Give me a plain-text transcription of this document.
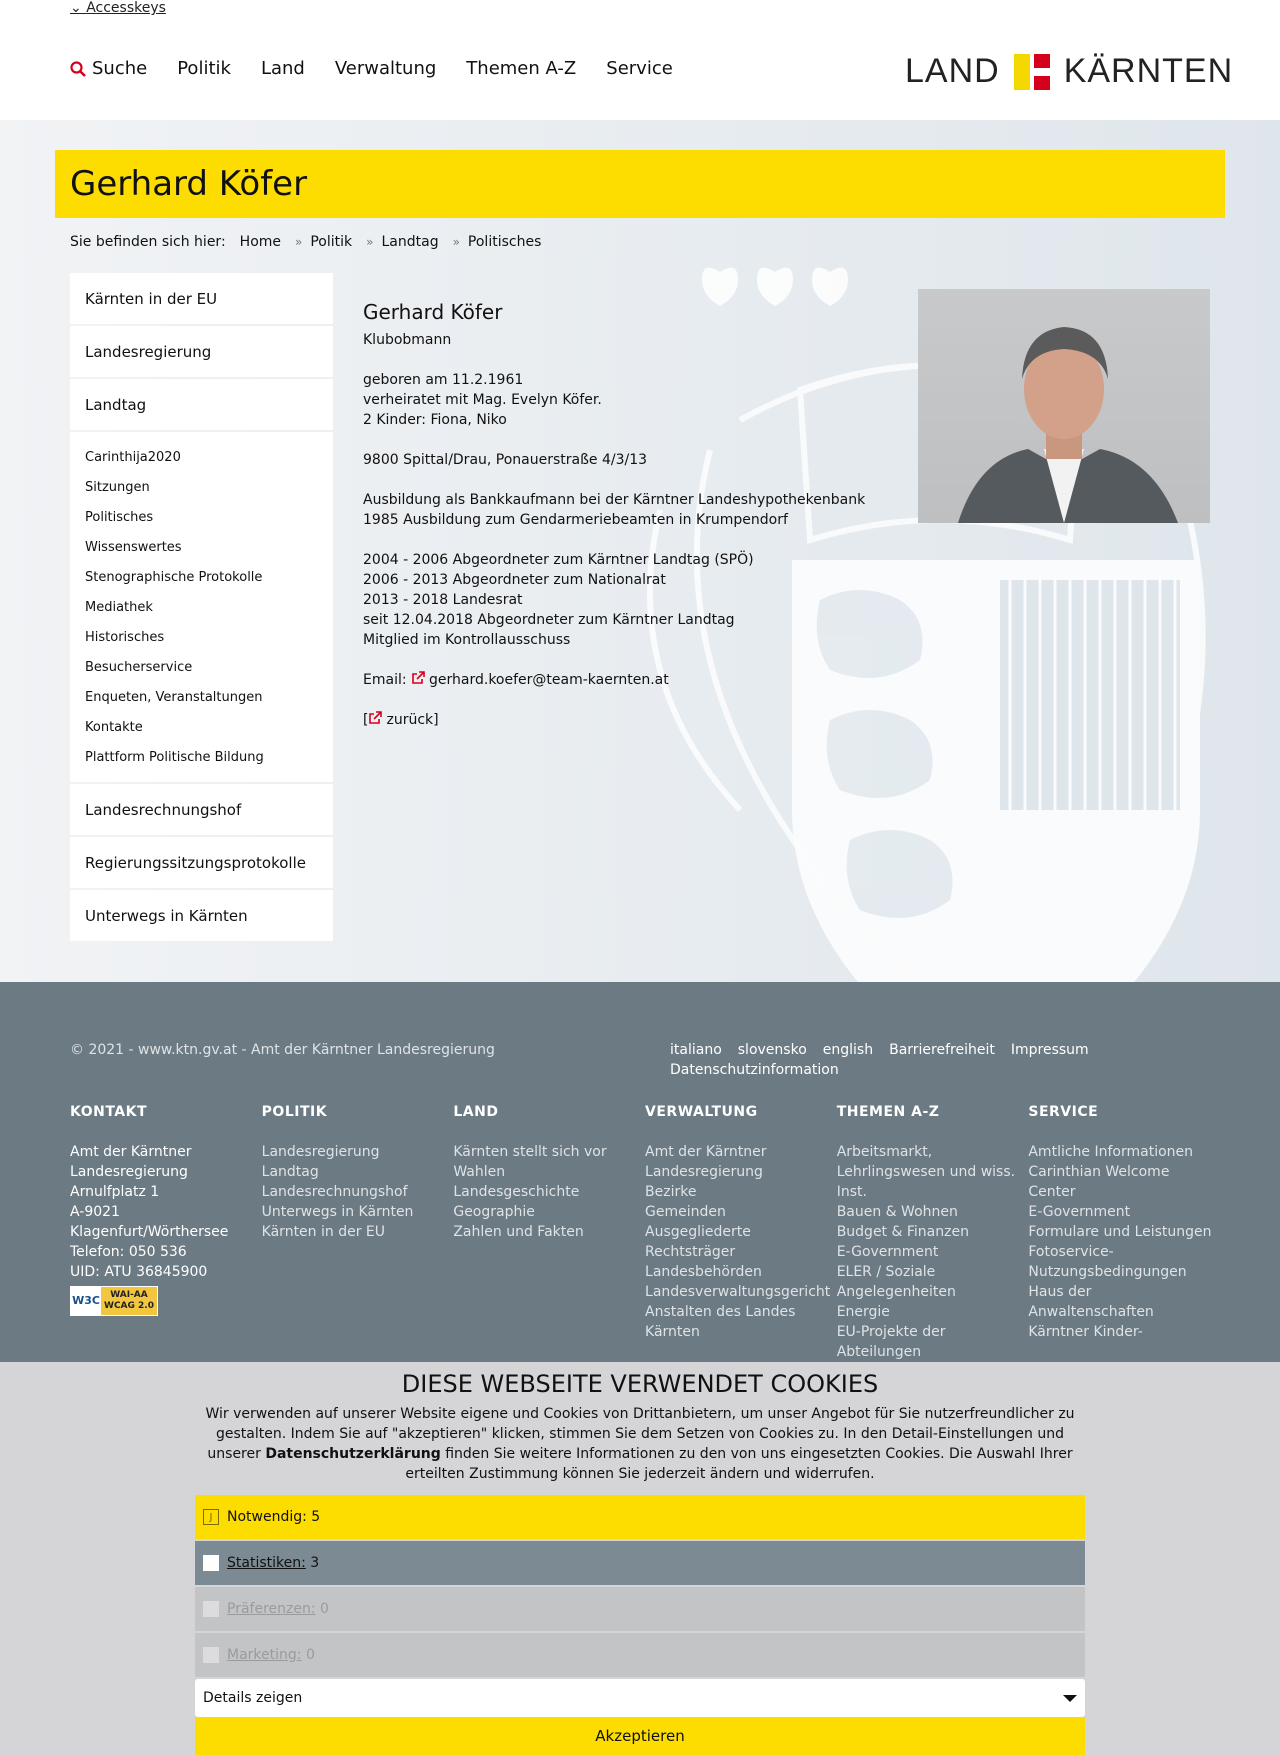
⌄ Accesskeys
Suche Politik Land Verwaltung Themen A-Z Service	LAND KÄRNTEN
Gerhard Köfer
Sie befinden sich hier: Home » Politik » Landtag » Politisches
Kärnten in der EU
Landesregierung
Landtag
Carinthija2020
Sitzungen
Politisches
Wissenswertes
Stenographische Protokolle
Mediathek
Historisches
Besucherservice
Enqueten, Veranstaltungen
Kontakte
Plattform Politische Bildung
Landesrechnungshof
Regierungssitzungsprotokolle
Unterwegs in Kärnten
Gerhard Köfer

Klubobmann

geboren am 11.2.1961
verheiratet mit Mag. Evelyn Köfer.
2 Kinder: Fiona, Niko

9800 Spittal/Drau, Ponauerstraße 4/3/13

Ausbildung als Bankkaufmann bei der Kärntner Landeshypothekenbank
1985 Ausbildung zum Gendarmeriebeamten in Krumpendorf

2004 - 2006 Abgeordneter zum Kärntner Landtag (SPÖ)
2006 - 2013 Abgeordneter zum Nationalrat
2013 - 2018 Landesrat
seit 12.04.2018 Abgeordneter zum Kärntner Landtag
Mitglied im Kontrollausschuss

Email: gerhard.koefer@team-kaernten.at

[ zurück]

© 2021 - www.ktn.gv.at - Amt der Kärntner Landesregierung	italiano slovensko english Barrierefreiheit Impressum
Datenschutzinformation
KONTAKT
Amt der Kärntner Landesregierung
Arnulfplatz 1
A-9021 Klagenfurt/Wörthersee
Telefon: 050 536
UID: ATU 36845900
W3C WAI-AA
WCAG 2.0
POLITIK
Landesregierung
Landtag
Landesrechnungshof
Unterwegs in Kärnten
Kärnten in der EU
LAND
Kärnten stellt sich vor
Wahlen
Landesgeschichte
Geographie
Zahlen und Fakten
VERWALTUNG
Amt der Kärntner Landesregierung
Bezirke
Gemeinden
Ausgegliederte Rechtsträger
Landesbehörden
Landesverwaltungsgericht
Anstalten des Landes Kärnten
THEMEN A-Z
Arbeitsmarkt, Lehrlingswesen und wiss. Inst.
Bauen & Wohnen
Budget & Finanzen
E-Government
ELER / Soziale Angelegenheiten
Energie
EU-Projekte der Abteilungen
SERVICE
Amtliche Informationen
Carinthian Welcome Center
E-Government
Formulare und Leistungen
Fotoservice-Nutzungsbedingungen
Haus der Anwaltenschaften
Kärntner Kinder-
DIESE WEBSEITE VERWENDET COOKIES
Wir verwenden auf unserer Website eigene und Cookies von Drittanbietern, um unser Angebot für Sie nutzerfreundlicher zu gestalten. Indem Sie auf "akzeptieren" klicken, stimmen Sie dem Setzen von Cookies zu. In den Detail-Einstellungen und unserer Datenschutzerklärung finden Sie weitere Informationen zu den von uns eingesetzten Cookies. Die Auswahl Ihrer erteilten Zustimmung können Sie jederzeit ändern und widerrufen.
J	Notwendig:
5
Statistiken:
3
Präferenzen:
0
Marketing:
0
Details zeigen
Akzeptieren
